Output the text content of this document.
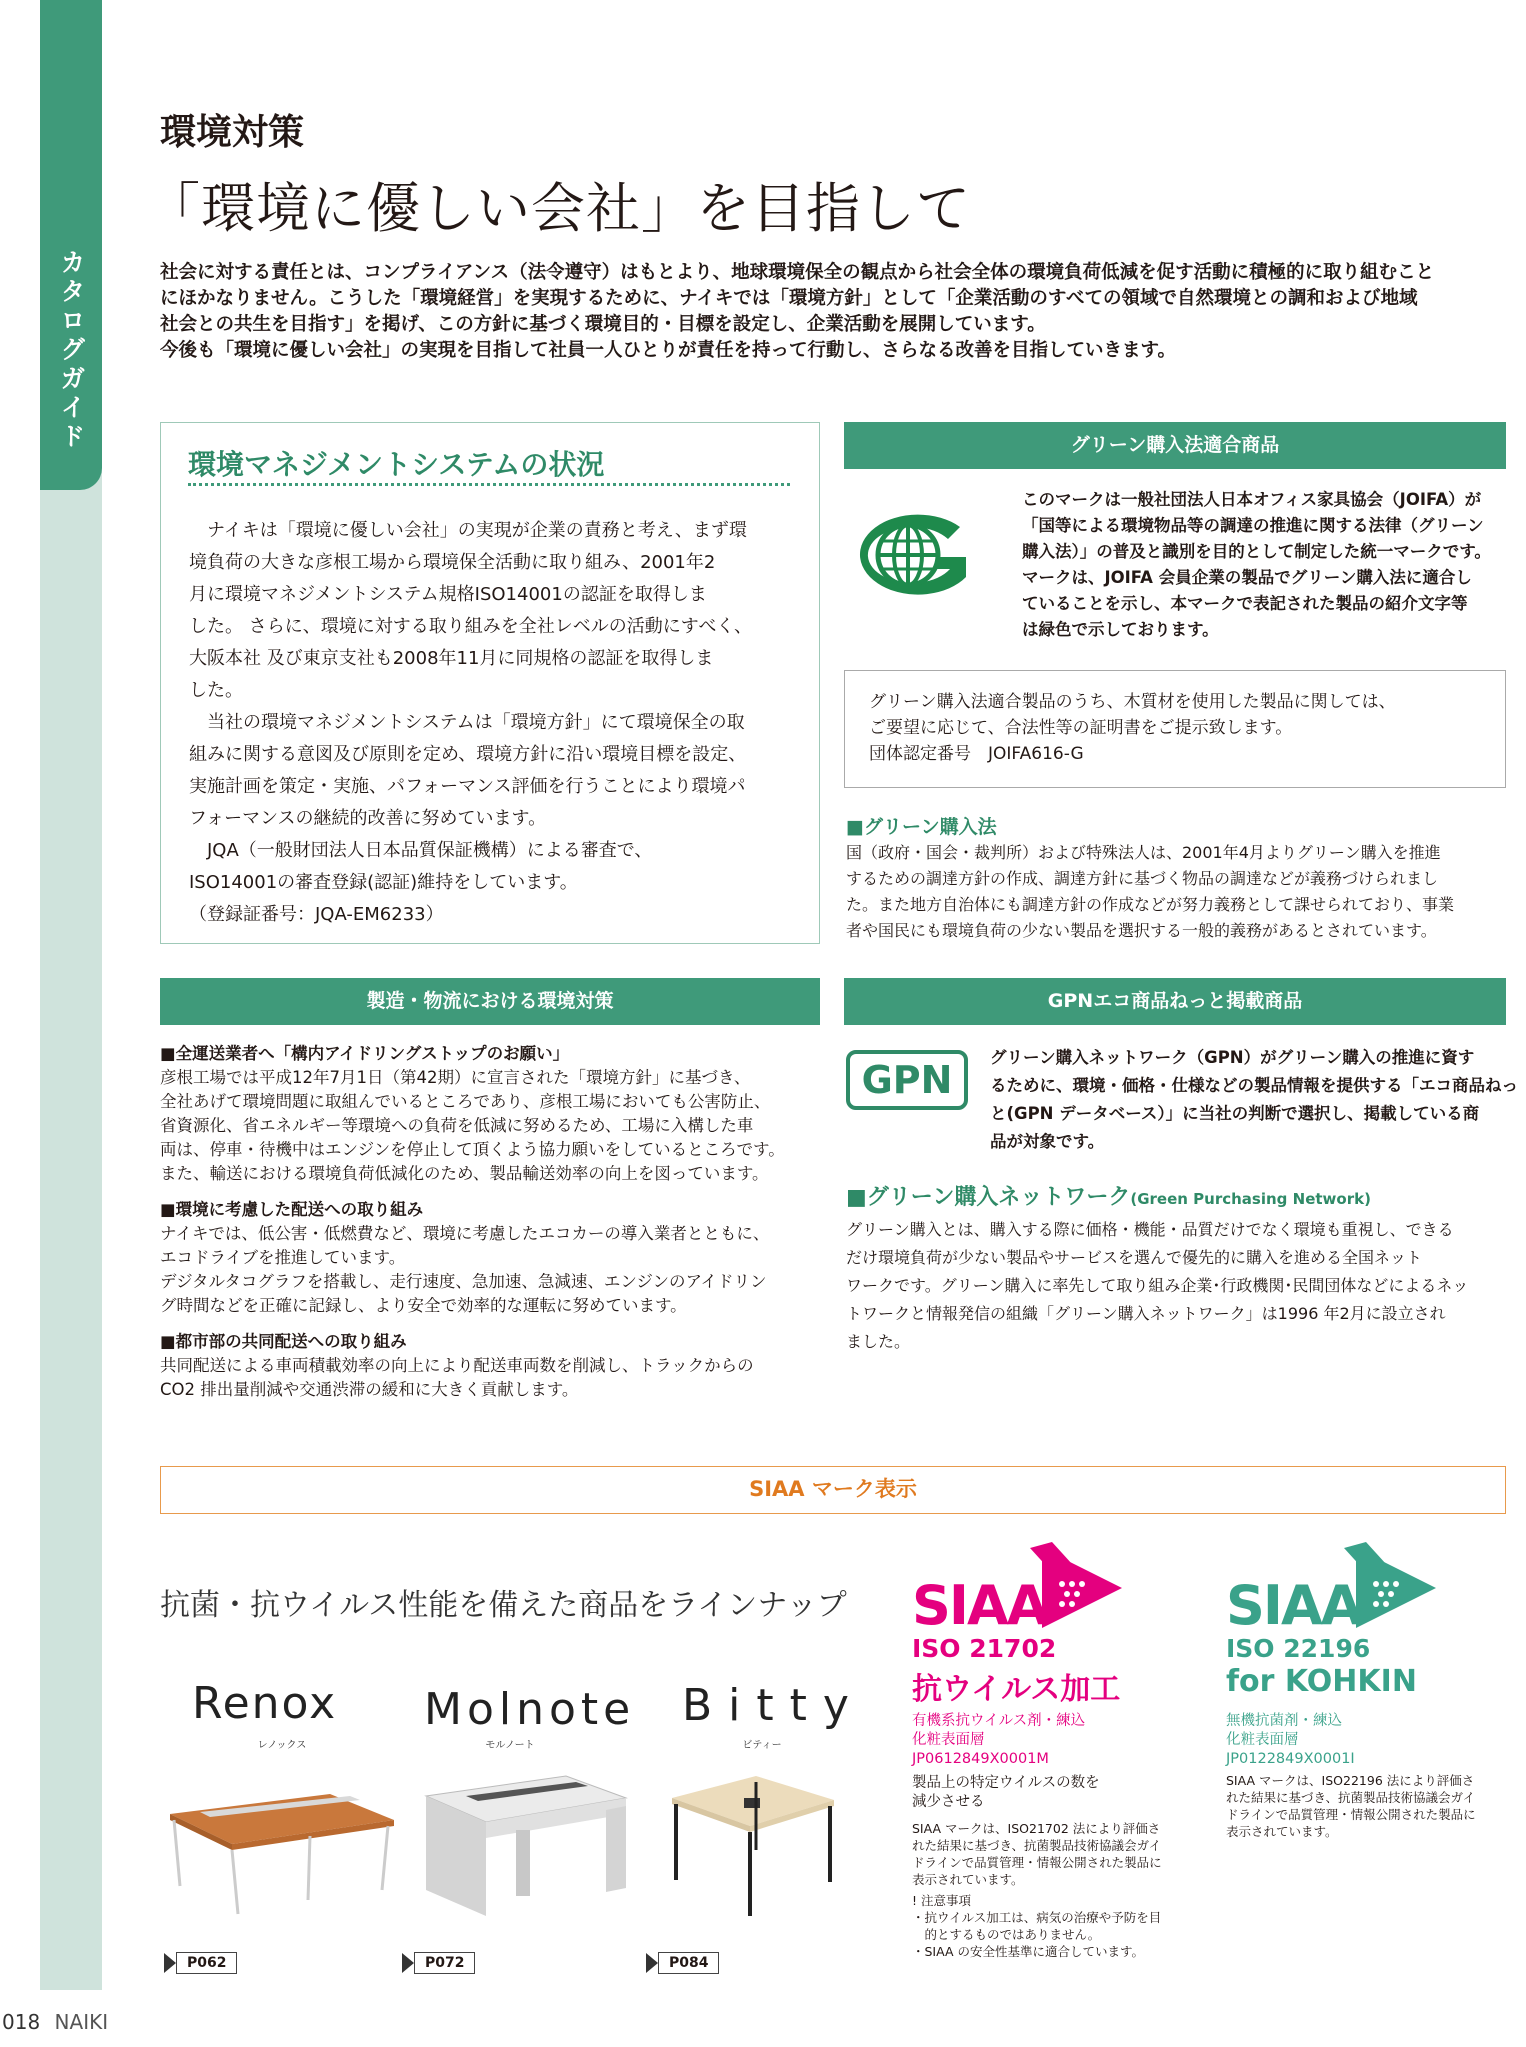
カタログガイド
環境対策
「環境に優しい会社」を目指して

社会に対する責任とは、コンプライアンス（法令遵守）はもとより、地球環境保全の観点から社会全体の環境負荷低減を促す活動に積極的に取り組むこと

にほかなりません。こうした「環境経営」を実現するために、ナイキでは「環境方針」として「企業活動のすべての領域で自然環境との調和および地域

社会との共生を目指す」を掲げ、この方針に基づく環境目的・目標を設定し、企業活動を展開しています。

今後も「環境に優しい会社」の実現を目指して社員一人ひとりが責任を持って行動し、さらなる改善を目指していきます。

環境マネジメントシステムの状況
　ナイキは「環境に優しい会社」の実現が企業の責務と考え、まず環
境負荷の大きな彦根工場から環境保全活動に取り組み、2001年2
月に環境マネジメントシステム規格ISO14001の認証を取得しま
した。 さらに、環境に対する取り組みを全社レベルの活動にすべく、
大阪本社 及び東京支社も2008年11月に同規格の認証を取得しま
した。
　当社の環境マネジメントシステムは「環境方針」にて環境保全の取
組みに関する意図及び原則を定め、環境方針に沿い環境目標を設定、
実施計画を策定・実施、パフォーマンス評価を行うことにより環境パ
フォーマンスの継続的改善に努めています。
　JQA（一般財団法人日本品質保証機構）による審査で、
ISO14001の審査登録(認証)維持をしています。
（登録証番号：JQA-EM6233）
グリーン購入法適合商品
このマークは一般社団法人日本オフィス家具協会（JOIFA）が
「国等による環境物品等の調達の推進に関する法律（グリーン
購入法）」の普及と識別を目的として制定した統一マークです。
マークは、JOIFA 会員企業の製品でグリーン購入法に適合し
ていることを示し、本マークで表記された製品の紹介文字等
は緑色で示しております。
グリーン購入法適合製品のうち、木質材を使用した製品に関しては、
ご要望に応じて、合法性等の証明書をご提示致します。
団体認定番号　JOIFA616-G
■グリーン購入法
国（政府・国会・裁判所）および特殊法人は、2001年4月よりグリーン購入を推進
するための調達方針の作成、調達方針に基づく物品の調達などが義務づけられまし
た。また地方自治体にも調達方針の作成などが努力義務として課せられており、事業
者や国民にも環境負荷の少ない製品を選択する一般的義務があるとされています。
製造・物流における環境対策
■全運送業者へ「構内アイドリングストップのお願い」
彦根工場では平成12年7月1日（第42期）に宣言された「環境方針」に基づき、
全社あげて環境問題に取組んでいるところであり、彦根工場においても公害防止、
省資源化、省エネルギー等環境への負荷を低減に努めるため、工場に入構した車
両は、停車・待機中はエンジンを停止して頂くよう協力願いをしているところです。
また、輸送における環境負荷低減化のため、製品輸送効率の向上を図っています。
■環境に考慮した配送への取り組み
ナイキでは、低公害・低燃費など、環境に考慮したエコカーの導入業者とともに、
エコドライブを推進しています。
デジタルタコグラフを搭載し、走行速度、急加速、急減速、エンジンのアイドリン
グ時間などを正確に記録し、より安全で効率的な運転に努めています。
■都市部の共同配送への取り組み
共同配送による車両積載効率の向上により配送車両数を削減し、トラックからの
CO2 排出量削減や交通渋滞の緩和に大きく貢献します。
GPNエコ商品ねっと掲載商品
GPN
グリーン購入ネットワーク（GPN）がグリーン購入の推進に資す
るために、環境・価格・仕様などの製品情報を提供する「エコ商品ねっ
と(GPN データベース）」に当社の判断で選択し、掲載している商
品が対象です。
■グリーン購入ネットワーク(Green Purchasing Network)
グリーン購入とは、購入する際に価格・機能・品質だけでなく環境も重視し、できる
だけ環境負荷が少ない製品やサービスを選んで優先的に購入を進める全国ネット
ワークです。グリーン購入に率先して取り組み企業･行政機関･民間団体などによるネッ
トワークと情報発信の組織「グリーン購入ネットワーク」は1996 年2月に設立され
ました。
SIAA マーク表示
抗菌・抗ウイルス性能を備えた商品をラインナップ
Renox
レノックス
Molnote
モルノート
Bitty
ビティー
P062	P072	P084
SIAA
ISO 21702
抗ウイルス加工
有機系抗ウイルス剤・練込
化粧表面層
JP0612849X0001M
製品上の特定ウイルスの数を
減少させる
SIAA マークは、ISO21702 法により評価さ
れた結果に基づき、抗菌製品技術協議会ガイ
ドラインで品質管理・情報公開された製品に
表示されています。
! 注意事項
・抗ウイルス加工は、病気の治療や予防を目
　的とするものではありません。
・SIAA の安全性基準に適合しています。
SIAA
ISO 22196
for KOHKIN
無機抗菌剤・練込
化粧表面層
JP0122849X0001I
SIAA マークは、ISO22196 法により評価さ
れた結果に基づき、抗菌製品技術協議会ガイ
ドラインで品質管理・情報公開された製品に
表示されています。
018 NAIKI
